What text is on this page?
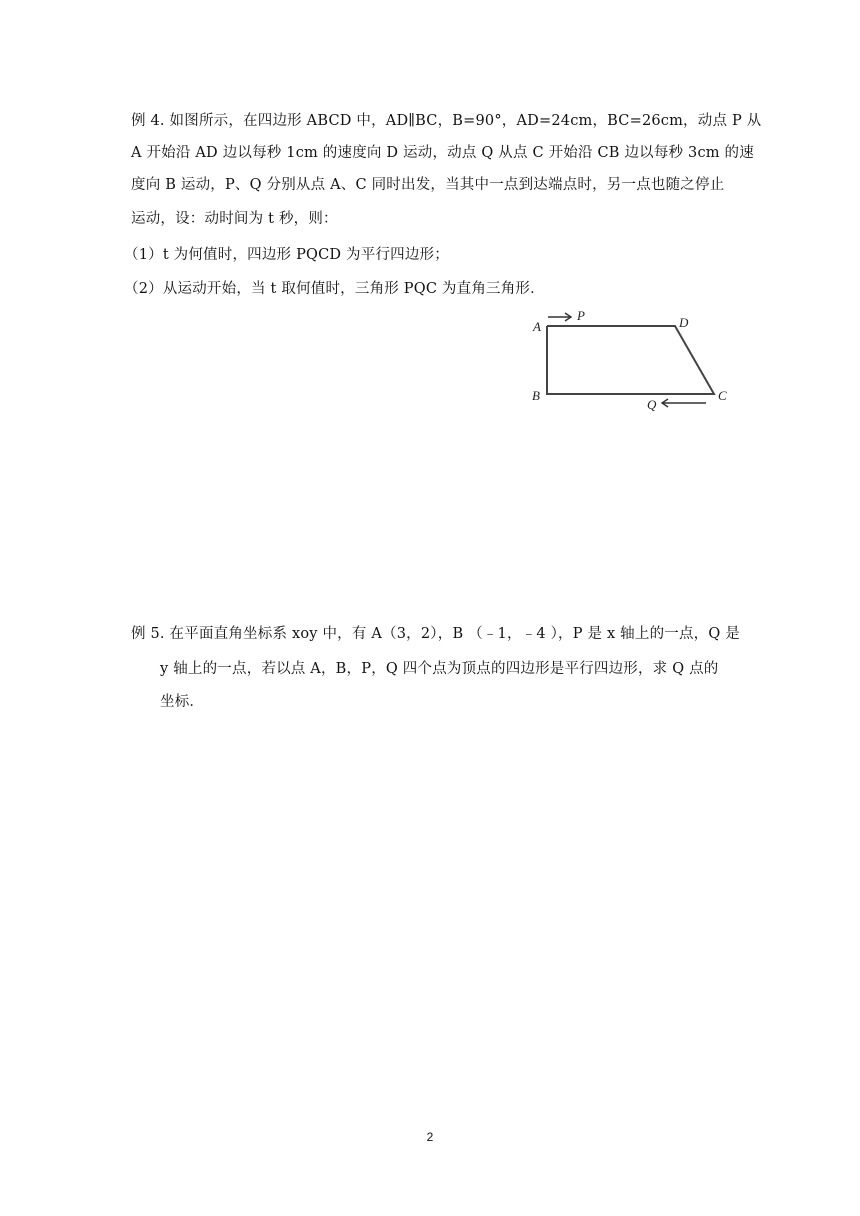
例 4. 如图所示，在四边形 ABCD 中，AD∥BC，B=90°，AD=24cm，BC=26cm，动点 P 从
A 开始沿 AD 边以每秒 1cm 的速度向 D 运动，动点 Q 从点 C 开始沿 CB 边以每秒 3cm 的速
度向 B 运动，P、Q 分别从点 A、C 同时出发，当其中一点到达端点时，另一点也随之停止
运动，设：动时间为 t 秒，则：
（1）t 为何值时，四边形 PQCD 为平行四边形；
（2）从运动开始，当 t 取何值时，三角形 PQC 为直角三角形．
A
P	D
B
Q
C
例 5. 在平面直角坐标系 xoy 中，有 A（3，2），B （﹣1，﹣4 ），P 是 x 轴上的一点，Q 是
y 轴上的一点，若以点 A，B，P，Q 四个点为顶点的四边形是平行四边形，求 Q 点的
坐标．
2
